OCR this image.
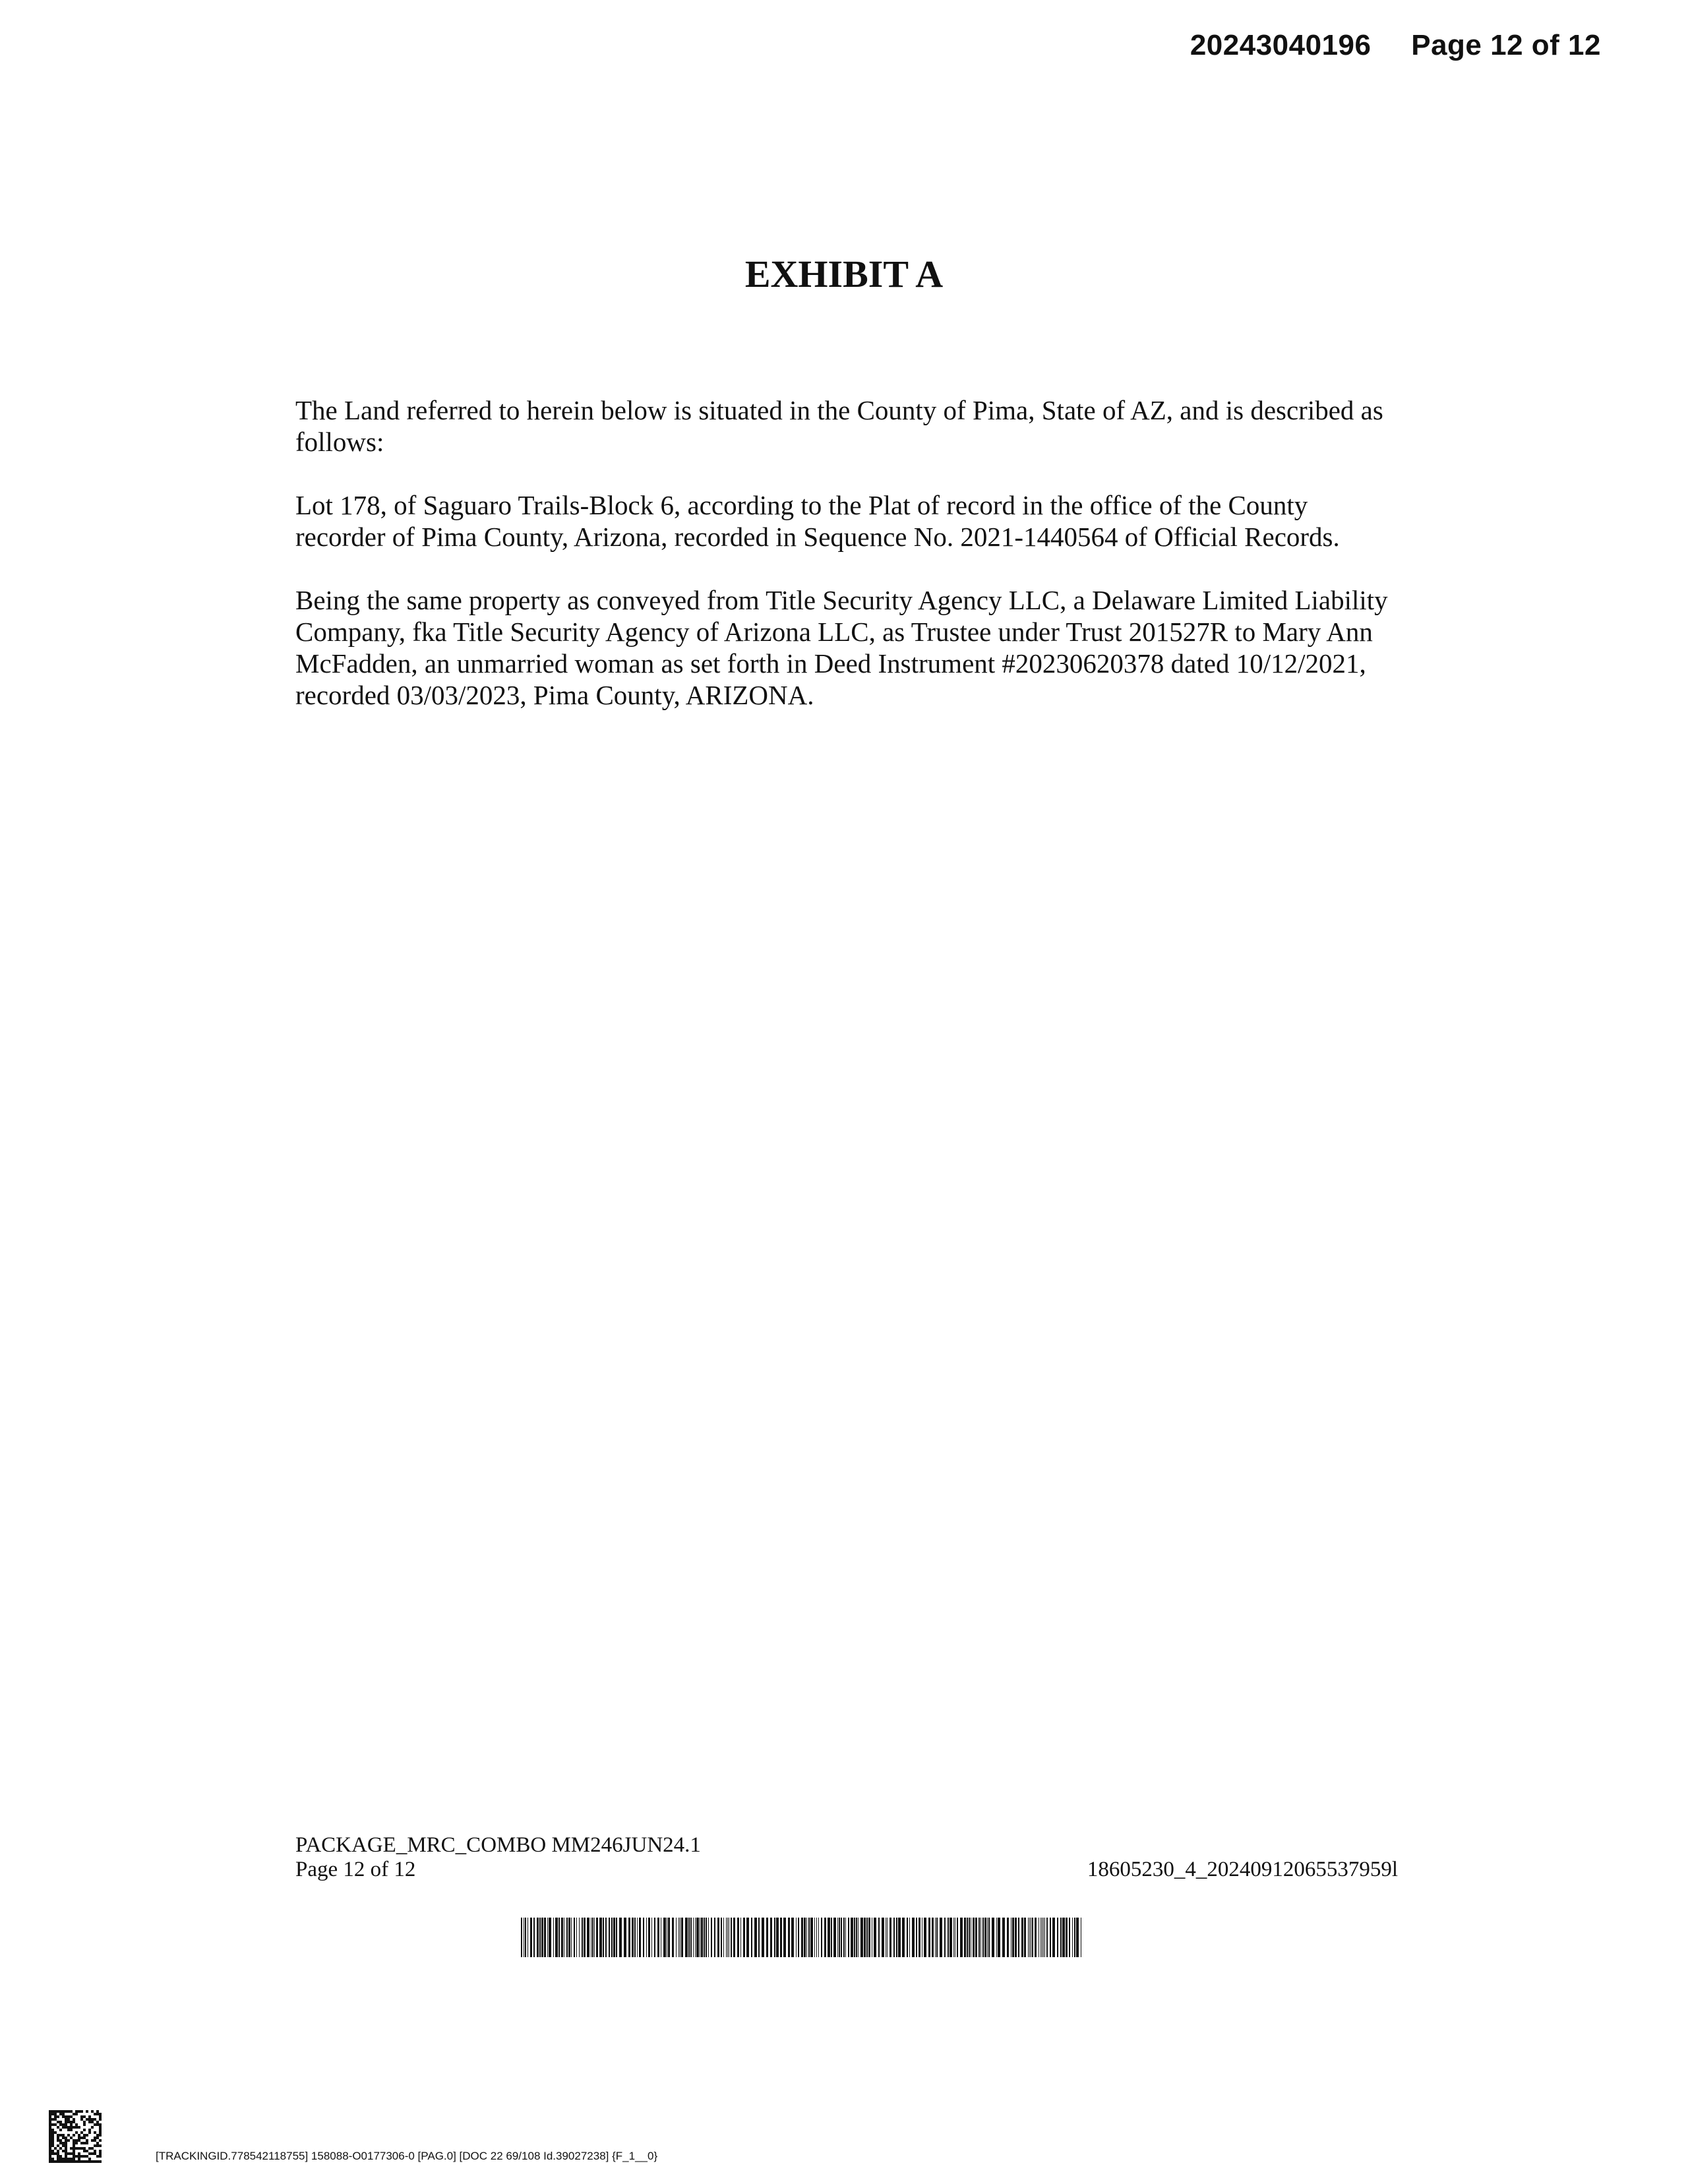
20243040196 Page 12 of 12
EXHIBIT A

The Land referred to herein below is situated in the County of Pima, State of AZ, and is described as follows:

Lot 178, of Saguaro Trails-Block 6, according to the Plat of record in the office of the County recorder of Pima County, Arizona, recorded in Sequence No. 2021-1440564 of Official Records.

Being the same property as conveyed from Title Security Agency LLC, a Delaware Limited Liability Company, fka Title Security Agency of Arizona LLC, as Trustee under Trust 201527R to Mary Ann McFadden, an unmarried woman as set forth in Deed Instrument #20230620378 dated 10/12/2021, recorded 03/03/2023, Pima County, ARIZONA.

PACKAGE_MRC_COMBO MM246JUN24.1
Page 12 of 12	18605230_4_20240912065537959l
[TRACKINGID.778542118755] 158088-O0177306-0 [PAG.0] [DOC 22 69/108 Id.39027238] {F_1__0}
